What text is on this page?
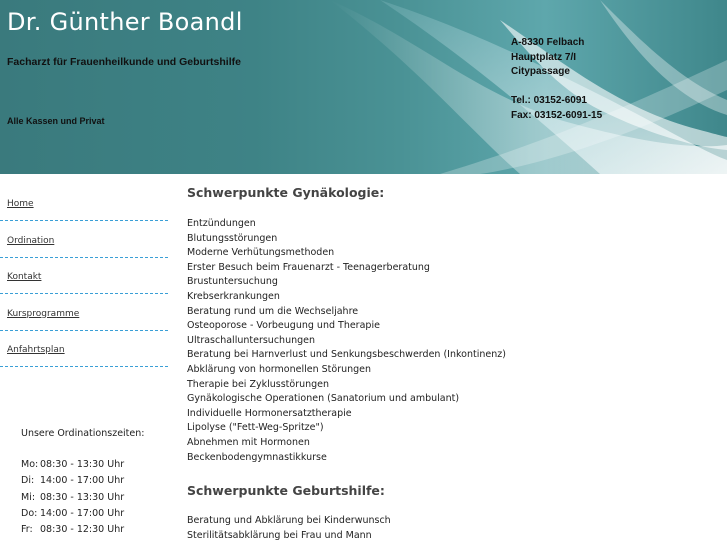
Dr. Günther Boandl
Facharzt für Frauenheilkunde und Geburtshilfe
Alle Kassen und Privat
A-8330 Felbach
Hauptplatz 7/I
Citypassage
Tel.: 03152-6091
Fax: 03152-6091-15
Home
Ordination
Kontakt
Kursprogramme
Anfahrtsplan
Unsere Ordinationszeiten:
Mo: 08:30 - 13:30 Uhr
Di: 14:00 - 17:00 Uhr
Mi: 08:30 - 13:30 Uhr
Do: 14:00 - 17:00 Uhr
Fr: 08:30 - 12:30 Uhr
Schwerpunkte Gynäkologie:
Entzündungen
Blutungsstörungen
Moderne Verhütungsmethoden
Erster Besuch beim Frauenarzt - Teenagerberatung
Brustuntersuchung
Krebserkrankungen
Beratung rund um die Wechseljahre
Osteoporose - Vorbeugung und Therapie
Ultraschalluntersuchungen
Beratung bei Harnverlust und Senkungsbeschwerden (Inkontinenz)
Abklärung von hormonellen Störungen
Therapie bei Zyklusstörungen
Gynäkologische Operationen (Sanatorium und ambulant)
Individuelle Hormonersatztherapie
Lipolyse ("Fett-Weg-Spritze")
Abnehmen mit Hormonen
Beckenbodengymnastikkurse
Schwerpunkte Geburtshilfe:
Beratung und Abklärung bei Kinderwunsch
Sterilitätsabklärung bei Frau und Mann
